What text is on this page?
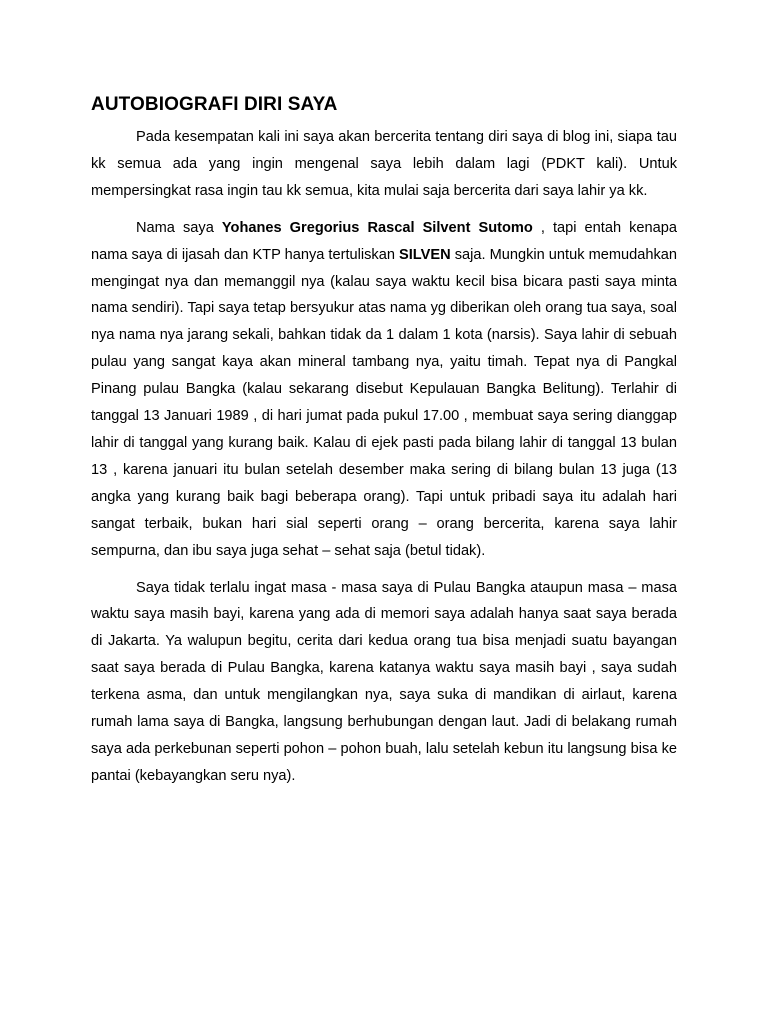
AUTOBIOGRAFI DIRI SAYA

Pada kesempatan kali ini saya akan bercerita tentang diri saya di blog ini, siapa tau kk semua ada yang ingin mengenal saya lebih dalam lagi (PDKT kali). Untuk mempersingkat rasa ingin tau kk semua, kita mulai saja bercerita dari saya lahir ya kk.

Nama saya Yohanes Gregorius Rascal Silvent Sutomo , tapi entah kenapa nama saya di ijasah dan KTP hanya tertuliskan SILVEN saja. Mungkin untuk memudahkan mengingat nya dan memanggil nya (kalau saya waktu kecil bisa bicara pasti saya minta nama sendiri). Tapi saya tetap bersyukur atas nama yg diberikan oleh orang tua saya, soal nya nama nya jarang sekali, bahkan tidak da 1 dalam 1 kota (narsis). Saya lahir di sebuah pulau yang sangat kaya akan mineral tambang nya, yaitu timah. Tepat nya di Pangkal Pinang pulau Bangka (kalau sekarang disebut Kepulauan Bangka Belitung). Terlahir di tanggal 13 Januari 1989 , di hari jumat pada pukul 17.00 , membuat saya sering dianggap lahir di tanggal yang kurang baik. Kalau di ejek pasti pada bilang lahir di tanggal 13 bulan 13 , karena januari itu bulan setelah desember maka sering di bilang bulan 13 juga (13 angka yang kurang baik bagi beberapa orang). Tapi untuk pribadi saya itu adalah hari sangat terbaik, bukan hari sial seperti orang – orang bercerita, karena saya lahir sempurna, dan ibu saya juga sehat – sehat saja (betul tidak).

Saya tidak terlalu ingat masa - masa saya di Pulau Bangka ataupun masa – masa waktu saya masih bayi, karena yang ada di memori saya adalah hanya saat saya berada di Jakarta. Ya walupun begitu, cerita dari kedua orang tua bisa menjadi suatu bayangan saat saya berada di Pulau Bangka, karena katanya waktu saya masih bayi , saya sudah terkena asma, dan untuk mengilangkan nya, saya suka di mandikan di airlaut, karena rumah lama saya di Bangka, langsung berhubungan dengan laut. Jadi di belakang rumah saya ada perkebunan seperti pohon – pohon buah, lalu setelah kebun itu langsung bisa ke pantai (kebayangkan seru nya).
